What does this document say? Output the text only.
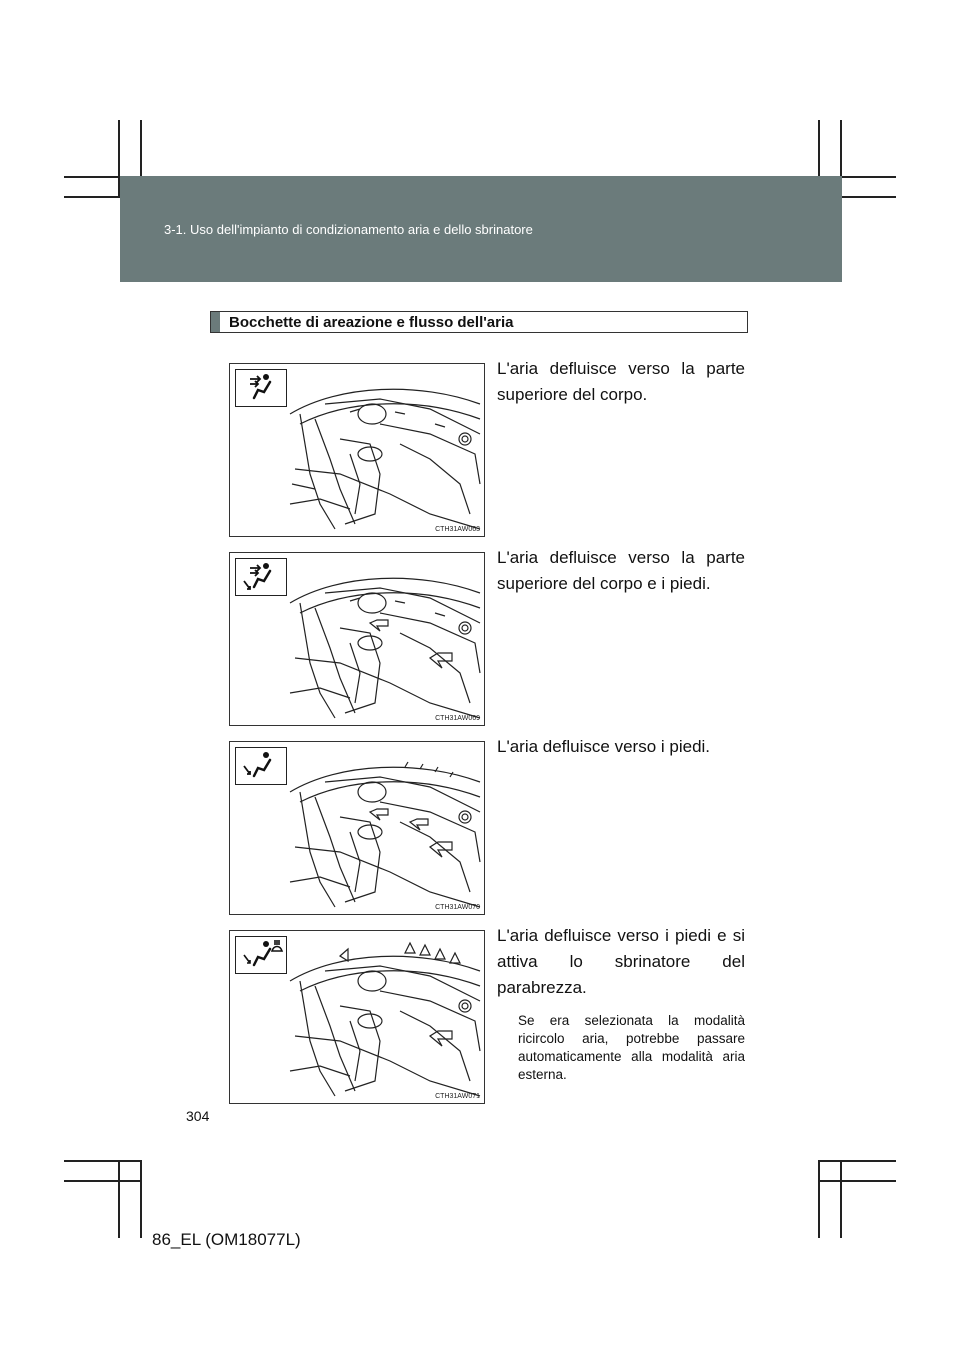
3-1. Uso dell'impianto di condizionamento aria e dello sbrinatore
Bocchette di areazione e flusso dell'aria
CTH31AW063
L'aria defluisce verso la parte superiore del corpo.
CTH31AW069
L'aria defluisce verso la parte superiore del corpo e i piedi.
CTH31AW070
L'aria defluisce verso i piedi.
CTH31AW071
L'aria defluisce verso i piedi e si attiva lo sbrinatore del parabrezza.
Se era selezionata la modalità ricircolo aria, potrebbe passare automaticamente alla modalità aria esterna.
304
86_EL (OM18077L)
